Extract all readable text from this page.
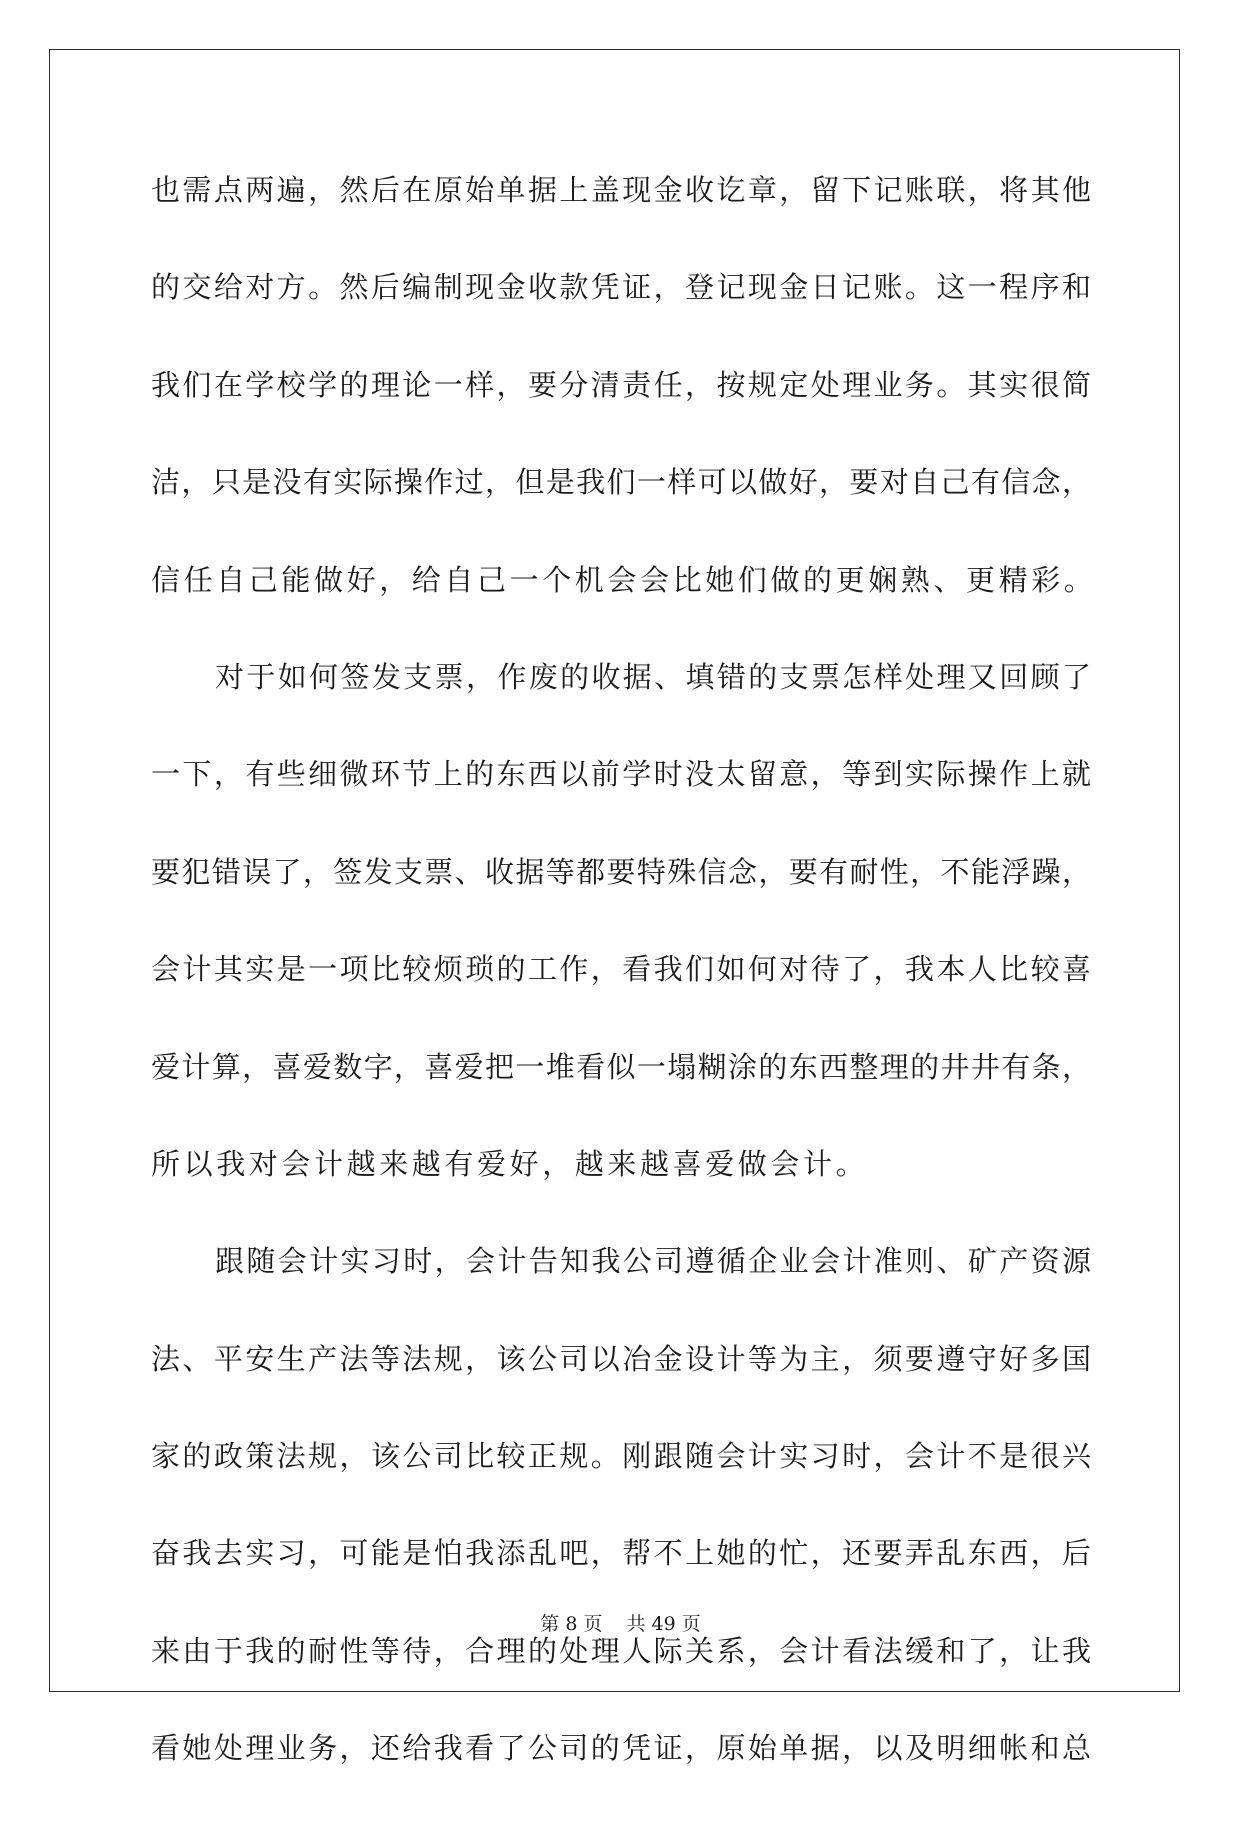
也需点两遍，然后在原始单据上盖现金收讫章，留下记账联，将其他
的交给对方。然后编制现金收款凭证，登记现金日记账。这一程序和
我们在学校学的理论一样，要分清责任，按规定处理业务。其实很简
洁，只是没有实际操作过，但是我们一样可以做好，要对自己有信念，
信任自己能做好，给自己一个机会会比她们做的更娴熟、更精彩。
对于如何签发支票，作废的收据、填错的支票怎样处理又回顾了
一下，有些细微环节上的东西以前学时没太留意，等到实际操作上就
要犯错误了，签发支票、收据等都要特殊信念，要有耐性，不能浮躁，
会计其实是一项比较烦琐的工作，看我们如何对待了，我本人比较喜
爱计算，喜爱数字，喜爱把一堆看似一塌糊涂的东西整理的井井有条，
所以我对会计越来越有爱好，越来越喜爱做会计。
跟随会计实习时，会计告知我公司遵循企业会计准则、矿产资源
法、平安生产法等法规，该公司以冶金设计等为主，须要遵守好多国
家的政策法规，该公司比较正规。刚跟随会计实习时，会计不是很兴
奋我去实习，可能是怕我添乱吧，帮不上她的忙，还要弄乱东西，后
来由于我的耐性等待，合理的处理人际关系，会计看法缓和了，让我
看她处理业务，还给我看了公司的凭证，原始单据，以及明细帐和总
第 8 页 共 49 页
